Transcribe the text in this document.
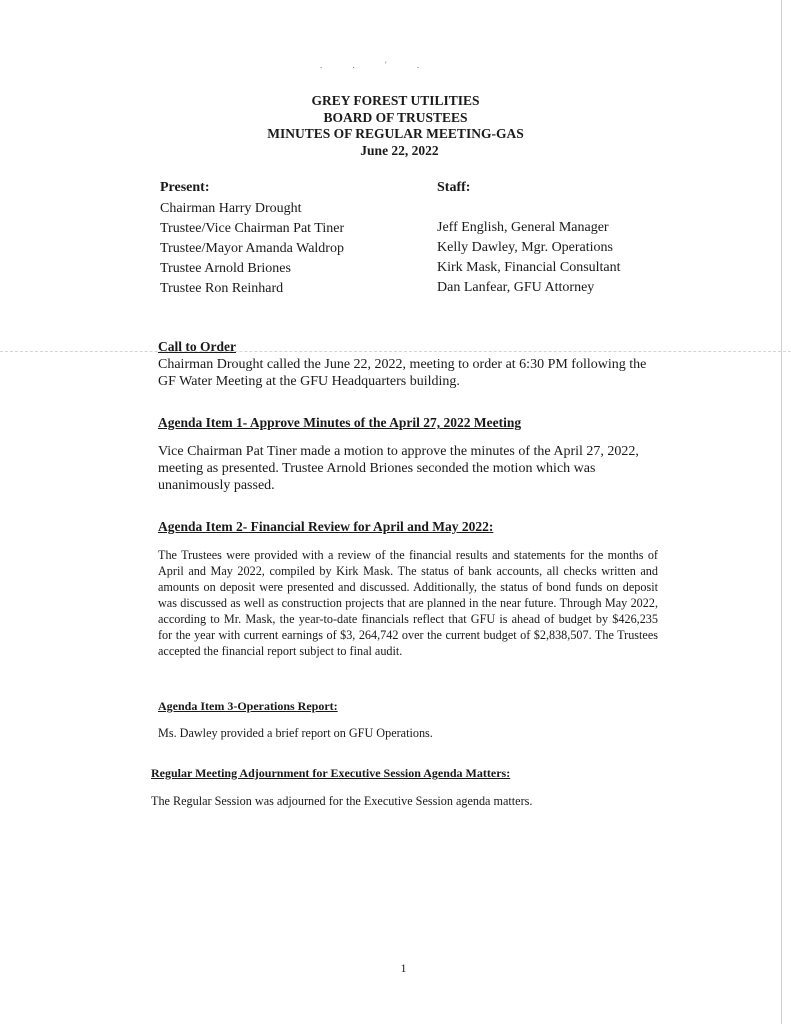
. . ' .
GREY FOREST UTILITIES
BOARD OF TRUSTEES
MINUTES OF REGULAR MEETING-GAS
June 22, 2022
Present:
Chairman Harry Drought
Trustee/Vice Chairman Pat Tiner
Trustee/Mayor Amanda Waldrop
Trustee Arnold Briones
Trustee Ron Reinhard
Staff:
Jeff English, General Manager
Kelly Dawley, Mgr. Operations
Kirk Mask, Financial Consultant
Dan Lanfear, GFU Attorney
Call to Order
Chairman Drought called the June 22, 2022, meeting to order at 6:30 PM following the GF Water Meeting at the GFU Headquarters building.
Agenda Item 1- Approve Minutes of the April 27, 2022 Meeting
Vice Chairman Pat Tiner made a motion to approve the minutes of the April 27, 2022, meeting as presented. Trustee Arnold Briones seconded the motion which was unanimously passed.
Agenda Item 2- Financial Review for April and May 2022:
The Trustees were provided with a review of the financial results and statements for the months of April and May 2022, compiled by Kirk Mask. The status of bank accounts, all checks written and amounts on deposit were presented and discussed. Additionally, the status of bond funds on deposit was discussed as well as construction projects that are planned in the near future. Through May 2022, according to Mr. Mask, the year-to-date financials reflect that GFU is ahead of budget by $426,235 for the year with current earnings of $3, 264,742 over the current budget of $2,838,507. The Trustees accepted the financial report subject to final audit.
Agenda Item 3-Operations Report:
Ms. Dawley provided a brief report on GFU Operations.
Regular Meeting Adjournment for Executive Session Agenda Matters:
The Regular Session was adjourned for the Executive Session agenda matters.
1
